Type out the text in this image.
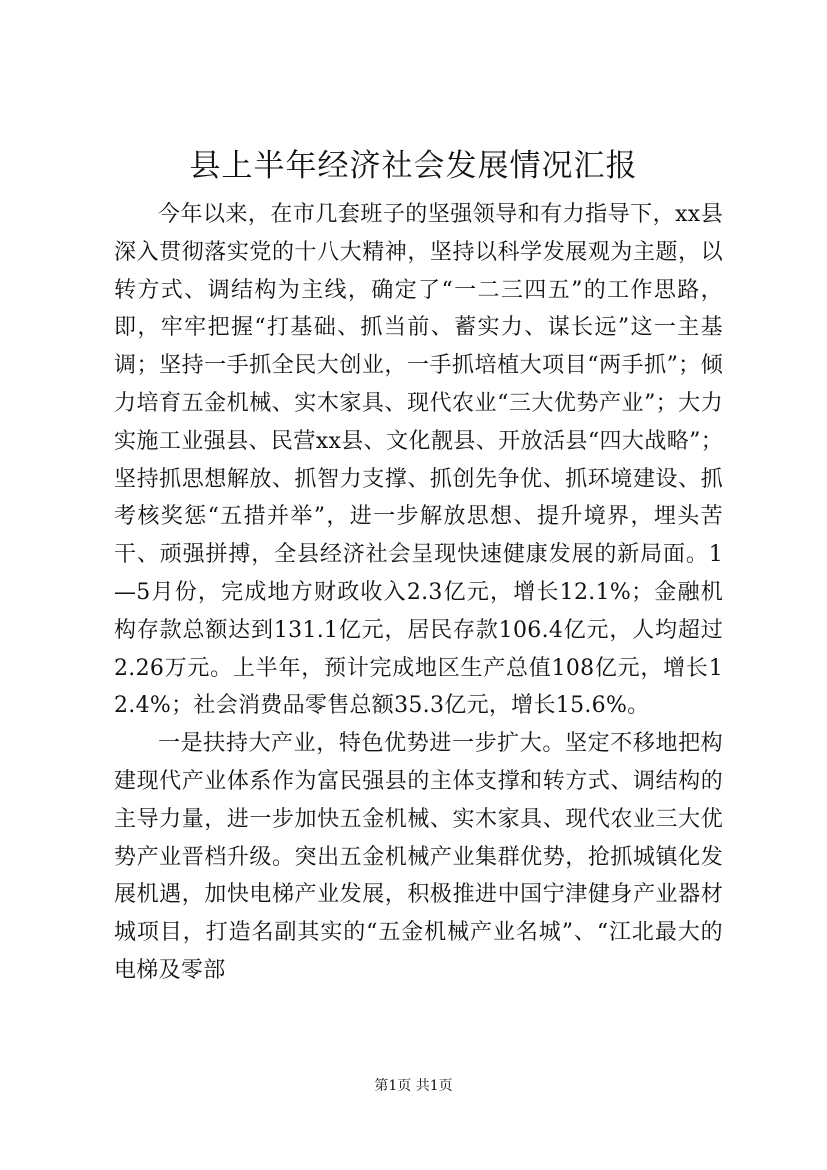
县上半年经济社会发展情况汇报

今年以来，在市几套班子的坚强领导和有力指导下，xx县深入贯彻落实党的十八大精神，坚持以科学发展观为主题，以转方式、调结构为主线，确定了“一二三四五”的工作思路，即，牢牢把握“打基础、抓当前、蓄实力、谋长远”这一主基调；坚持一手抓全民大创业，一手抓培植大项目“两手抓”；倾力培育五金机械、实木家具、现代农业“三大优势产业”；大力实施工业强县、民营xx县、文化靓县、开放活县“四大战略”；坚持抓思想解放、抓智力支撑、抓创先争优、抓环境建设、抓考核奖惩“五措并举”，进一步解放思想、提升境界，埋头苦干、顽强拼搏，全县经济社会呈现快速健康发展的新局面。1—5月份，完成地方财政收入2.3亿元，增长12.1%；金融机构存款总额达到131.1亿元，居民存款106.4亿元，人均超过2.26万元。上半年，预计完成地区生产总值108亿元，增长12.4%；社会消费品零售总额35.3亿元，增长15.6%。

一是扶持大产业，特色优势进一步扩大。坚定不移地把构建现代产业体系作为富民强县的主体支撑和转方式、调结构的主导力量，进一步加快五金机械、实木家具、现代农业三大优势产业晋档升级。突出五金机械产业集群优势，抢抓城镇化发展机遇，加快电梯产业发展，积极推进中国宁津健身产业器材城项目，打造名副其实的“五金机械产业名城”、“江北最大的电梯及零部

第1页 共1页
